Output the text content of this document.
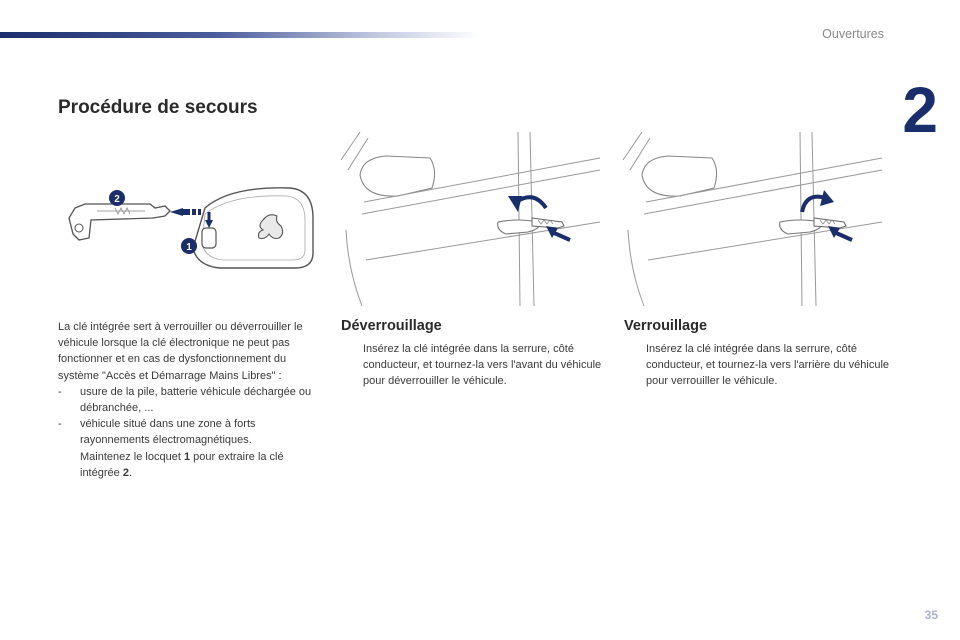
Ouvertures
2
Procédure de secours
2
1

La clé intégrée sert à verrouiller ou déverrouiller le véhicule lorsque la clé électronique ne peut pas fonctionner et en cas de dysfonctionnement du système "Accès et Démarrage Mains Libres" :

-	usure de la pile, batterie véhicule déchargée ou débranchée, ...
-	véhicule situé dans une zone à forts rayonnements électromagnétiques.
Maintenez le locquet 1 pour extraire la clé intégrée 2.
Déverrouillage
Insérez la clé intégrée dans la serrure, côté conducteur, et tournez-la vers l'avant du véhicule pour déverrouiller le véhicule.
Verrouillage
Insérez la clé intégrée dans la serrure, côté conducteur, et tournez-la vers l'arrière du véhicule pour verrouiller le véhicule.
35
